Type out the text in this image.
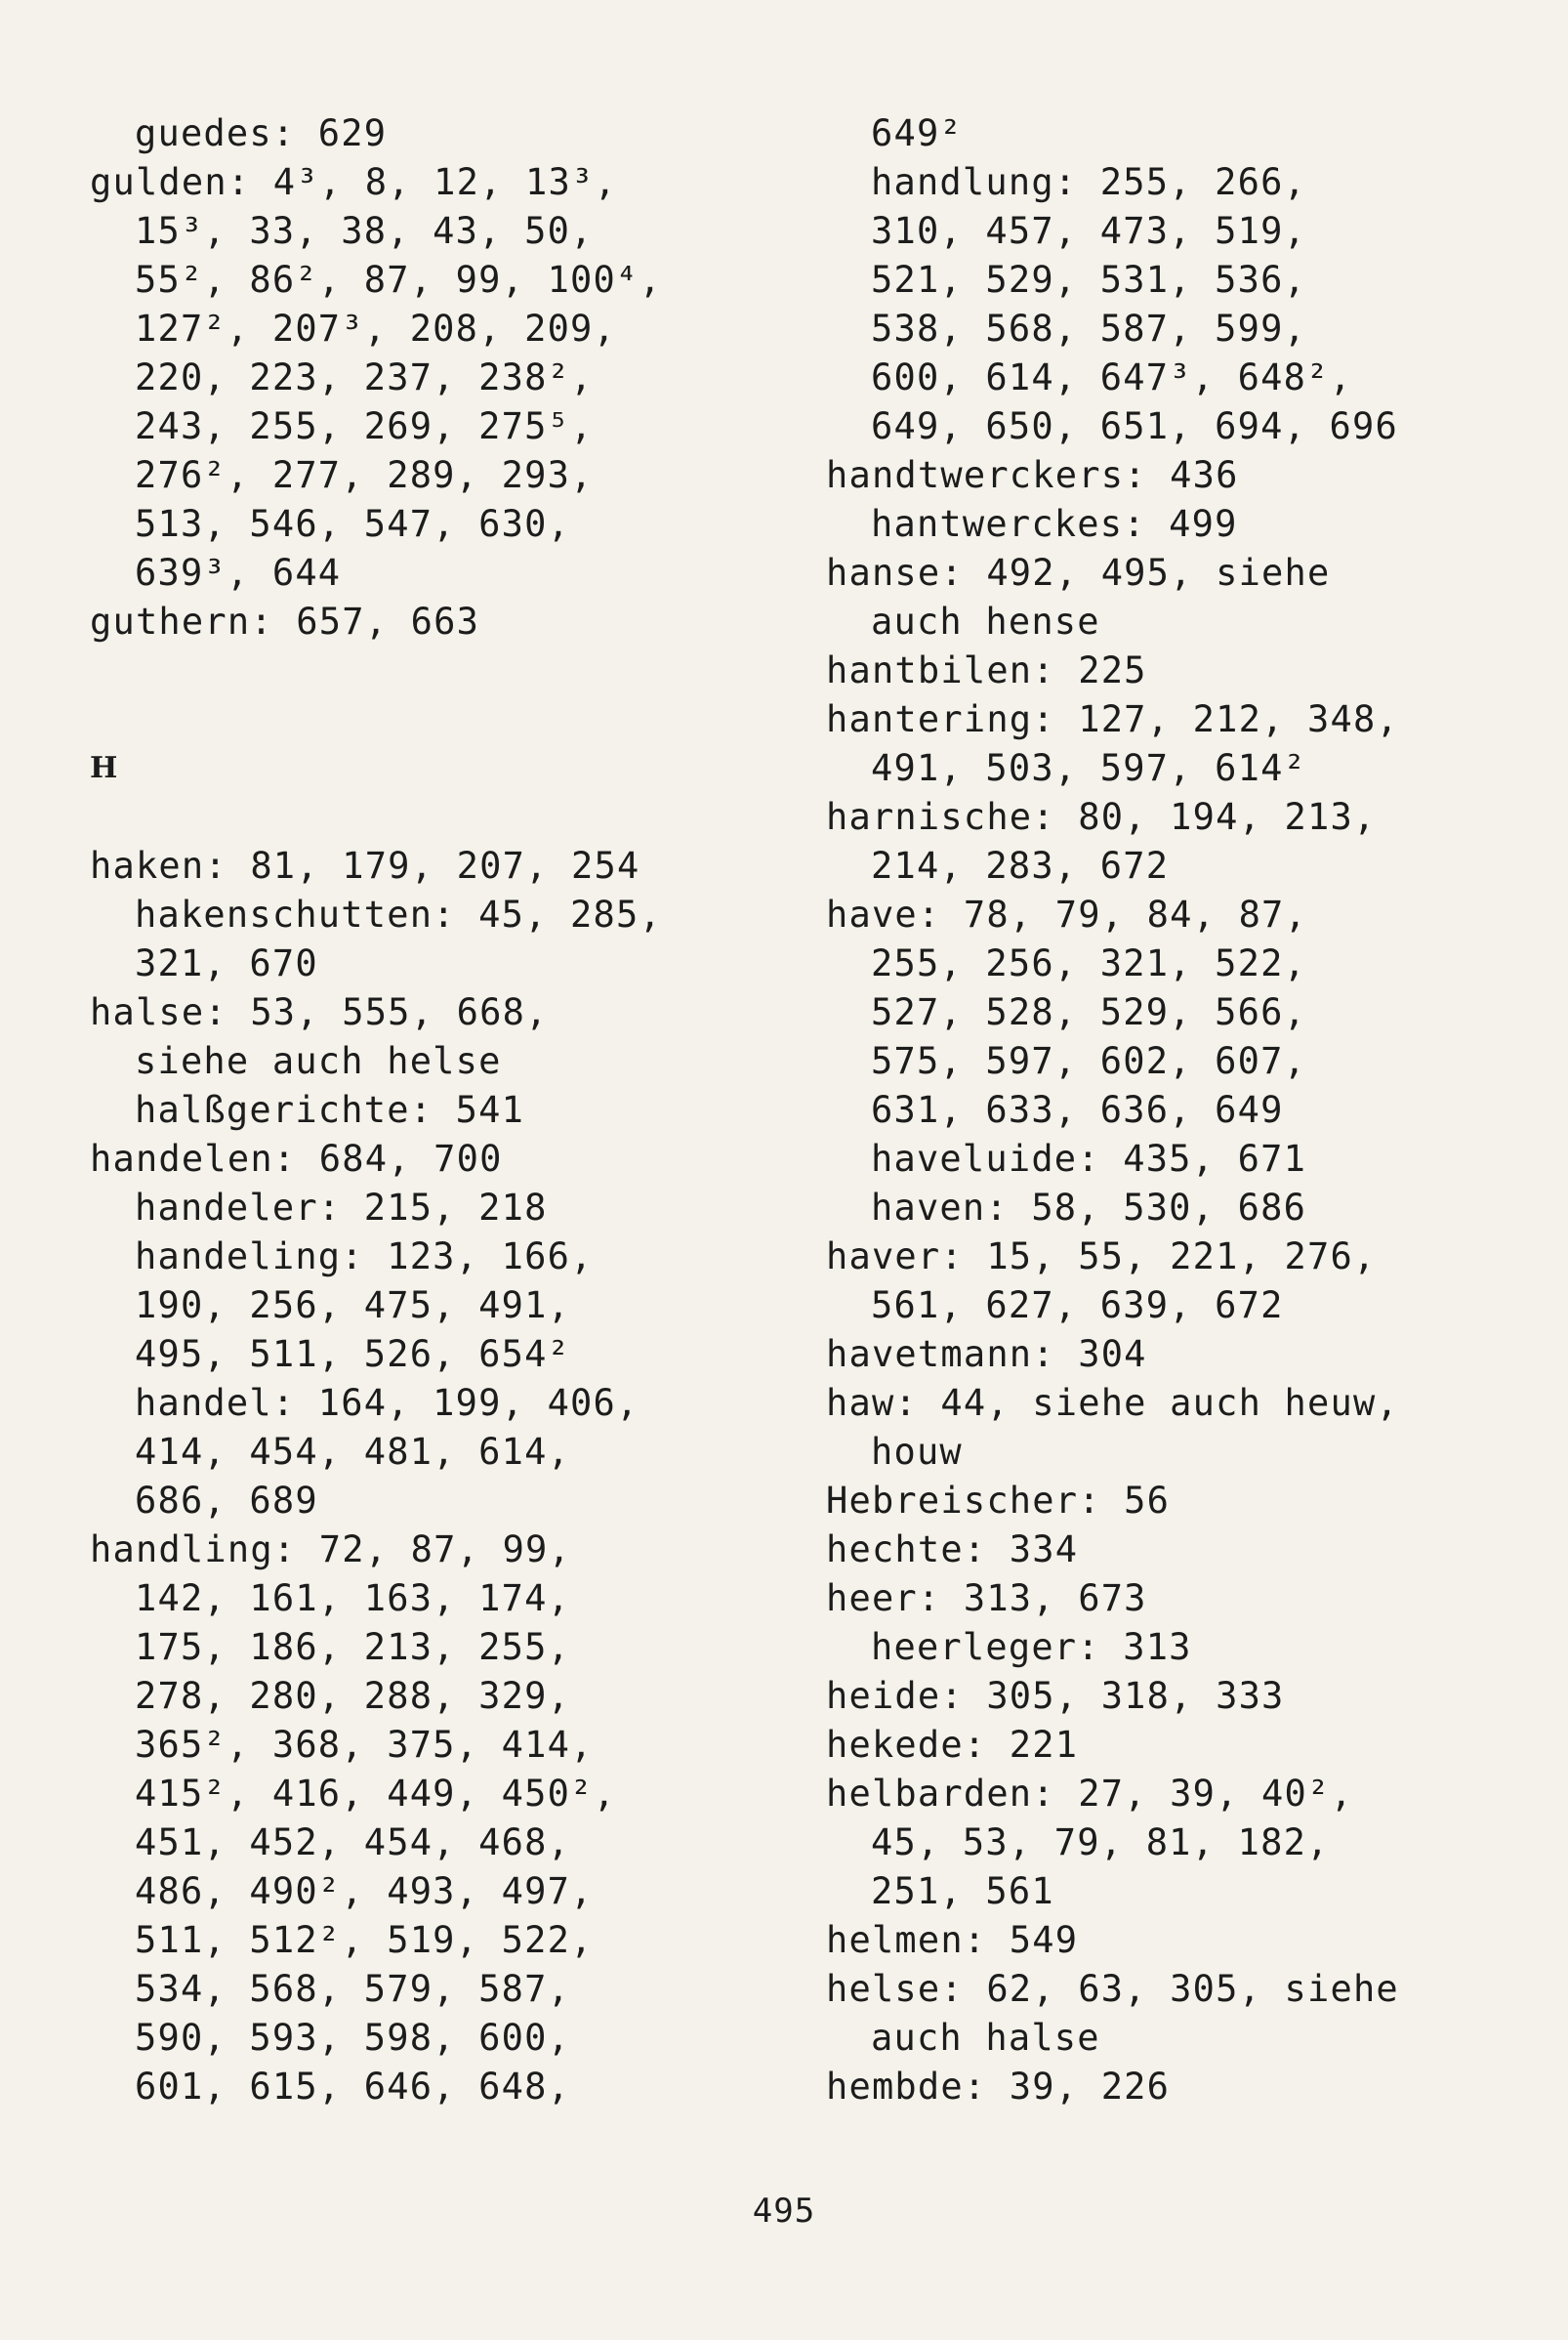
guedes: 629
gulden: 4³, 8, 12, 13³,
15³, 33, 38, 43, 50,
55², 86², 87, 99, 100⁴,
127², 207³, 208, 209,
220, 223, 237, 238²,
243, 255, 269, 275⁵,
276², 277, 289, 293,
513, 546, 547, 630,
639³, 644
guthern: 657, 663
H
haken: 81, 179, 207, 254
hakenschutten: 45, 285,
321, 670
halse: 53, 555, 668,
siehe auch helse
halßgerichte: 541
handelen: 684, 700
handeler: 215, 218
handeling: 123, 166,
190, 256, 475, 491,
495, 511, 526, 654²
handel: 164, 199, 406,
414, 454, 481, 614,
686, 689
handling: 72, 87, 99,
142, 161, 163, 174,
175, 186, 213, 255,
278, 280, 288, 329,
365², 368, 375, 414,
415², 416, 449, 450²,
451, 452, 454, 468,
486, 490², 493, 497,
511, 512², 519, 522,
534, 568, 579, 587,
590, 593, 598, 600,
601, 615, 646, 648,
649²
handlung: 255, 266,
310, 457, 473, 519,
521, 529, 531, 536,
538, 568, 587, 599,
600, 614, 647³, 648²,
649, 650, 651, 694, 696
handtwerckers: 436
hantwerckes: 499
hanse: 492, 495, siehe
auch hense
hantbilen: 225
hantering: 127, 212, 348,
491, 503, 597, 614²
harnische: 80, 194, 213,
214, 283, 672
have: 78, 79, 84, 87,
255, 256, 321, 522,
527, 528, 529, 566,
575, 597, 602, 607,
631, 633, 636, 649
haveluide: 435, 671
haven: 58, 530, 686
haver: 15, 55, 221, 276,
561, 627, 639, 672
havetmann: 304
haw: 44, siehe auch heuw,
houw
Hebreischer: 56
hechte: 334
heer: 313, 673
heerleger: 313
heide: 305, 318, 333
hekede: 221
helbarden: 27, 39, 40²,
45, 53, 79, 81, 182,
251, 561
helmen: 549
helse: 62, 63, 305, siehe
auch halse
hembde: 39, 226
495
